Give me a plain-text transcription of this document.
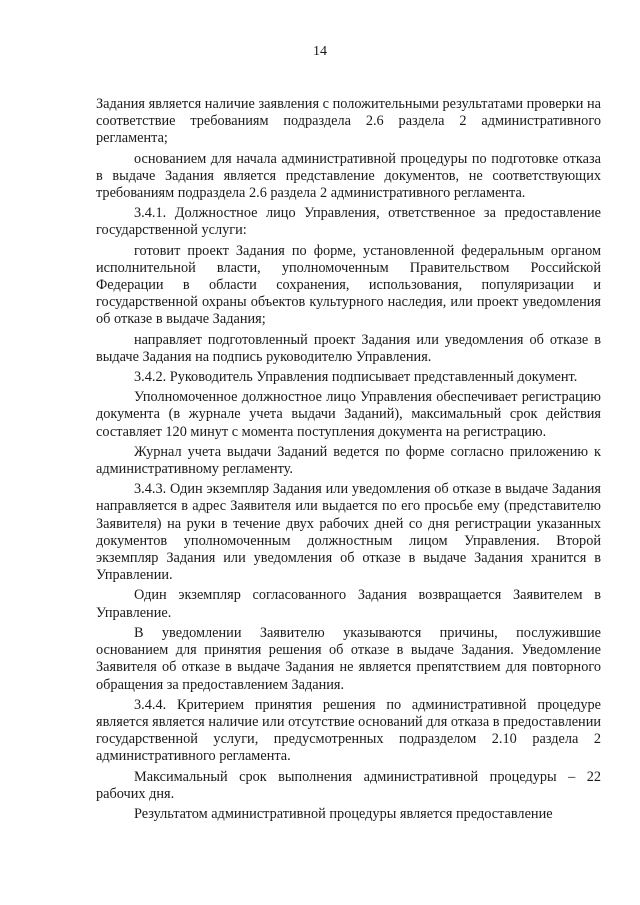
14

Задания является наличие заявления с положительными результатами проверки на соответствие требованиям подраздела 2.6 раздела 2 административного регламента;

основанием для начала административной процедуры по подготовке отказа в выдаче Задания является представление документов, не соответствующих требованиям подраздела 2.6 раздела 2 административного регламента.

3.4.1. Должностное лицо Управления, ответственное за предоставление государственной услуги:

готовит проект Задания по форме, установленной федеральным органом исполнительной власти, уполномоченным Правительством Российской Федерации в области сохранения, использования, популяризации и государственной охраны объектов культурного наследия, или проект уведомления об отказе в выдаче Задания;

направляет подготовленный проект Задания или уведомления об отказе в выдаче Задания на подпись руководителю Управления.

3.4.2. Руководитель Управления подписывает представленный документ.

Уполномоченное должностное лицо Управления обеспечивает регистрацию документа (в журнале учета выдачи Заданий), максимальный срок действия составляет 120 минут с момента поступления документа на регистрацию.

Журнал учета выдачи Заданий ведется по форме согласно приложению к административному регламенту.

3.4.3. Один экземпляр Задания или уведомления об отказе в выдаче Задания направляется в адрес Заявителя или выдается по его просьбе ему (представителю Заявителя) на руки в течение двух рабочих дней со дня регистрации указанных документов уполномоченным должностным лицом Управления. Второй экземпляр Задания или уведомления об отказе в выдаче Задания хранится в Управлении.

Один экземпляр согласованного Задания возвращается Заявителем в Управление.

В уведомлении Заявителю указываются причины, послужившие основанием для принятия решения об отказе в выдаче Задания. Уведомление Заявителя об отказе в выдаче Задания не является препятствием для повторного обращения за предоставлением Задания.

3.4.4. Критерием принятия решения по административной процедуре является является наличие или отсутствие оснований для отказа в предоставлении государственной услуги, предусмотренных подразделом 2.10 раздела 2 административного регламента.

Максимальный срок выполнения административной процедуры – 22 рабочих дня.

Результатом административной процедуры является предоставление
